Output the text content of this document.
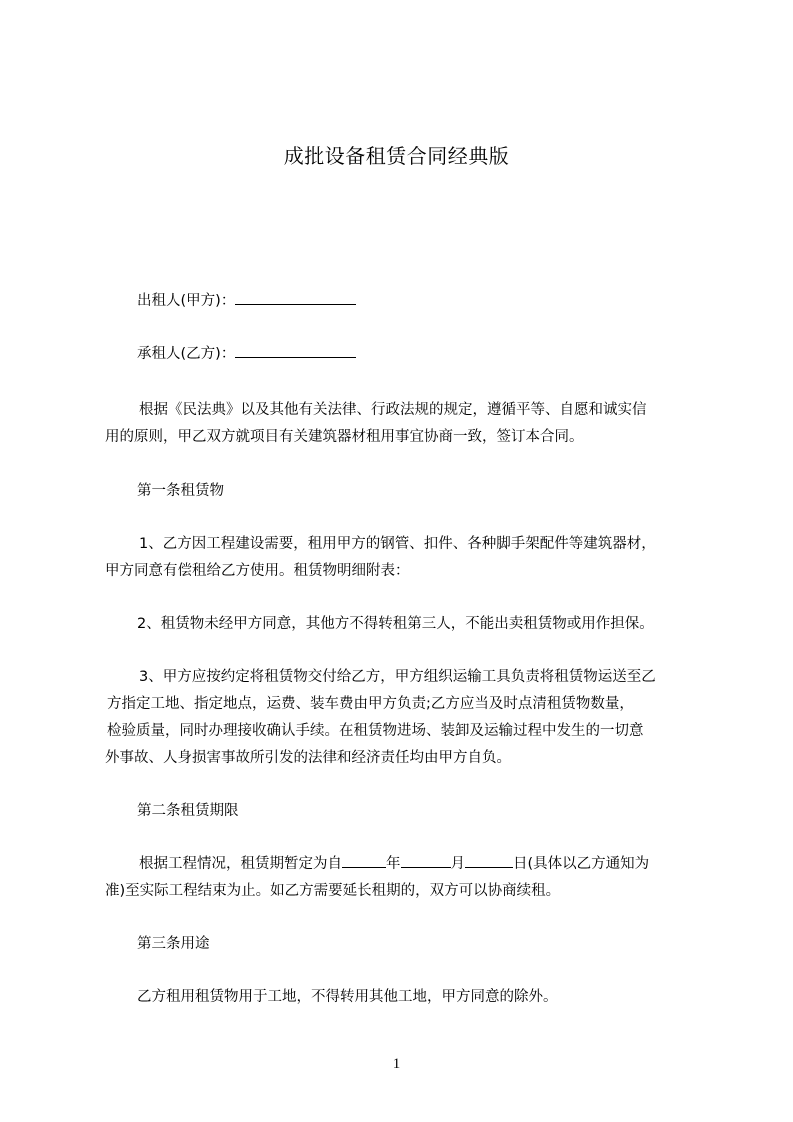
成批设备租赁合同经典版
出租人(甲方)：
承租人(乙方)：
根据《民法典》以及其他有关法律、行政法规的规定，遵循平等、自愿和诚实信
用的原则，甲乙双方就项目有关建筑器材租用事宜协商一致，签订本合同。
第一条租赁物
1、乙方因工程建设需要，租用甲方的钢管、扣件、各种脚手架配件等建筑器材，
甲方同意有偿租给乙方使用。租赁物明细附表：
2、租赁物未经甲方同意，其他方不得转租第三人，不能出卖租赁物或用作担保。
3、甲方应按约定将租赁物交付给乙方，甲方组织运输工具负责将租赁物运送至乙
方指定工地、指定地点，运费、装车费由甲方负责;乙方应当及时点清租赁物数量，
检验质量，同时办理接收确认手续。在租赁物进场、装卸及运输过程中发生的一切意
外事故、人身损害事故所引发的法律和经济责任均由甲方自负。
第二条租赁期限
根据工程情况，租赁期暂定为自	年	月	日(具体以乙方通知为
准)至实际工程结束为止。如乙方需要延长租期的，双方可以协商续租。
第三条用途
乙方租用租赁物用于工地，不得转用其他工地，甲方同意的除外。
1
